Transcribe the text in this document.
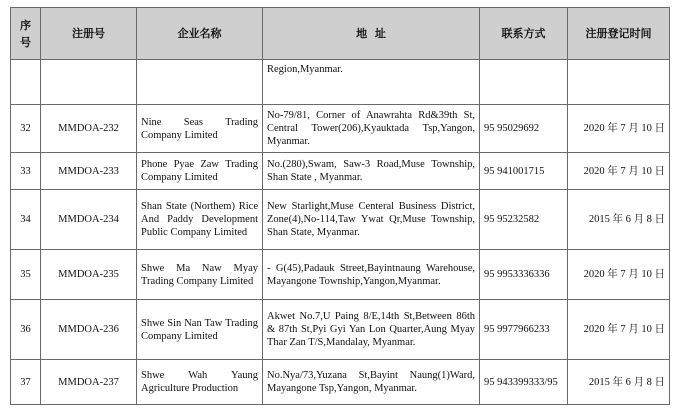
序
号	注册号	企业名称	地  址	联系方式	注册登记时间
			Region,Myanmar.		
32	MMDOA-232	Nine Seas Trading Company Limited	No-79/81, Corner of Anawrahta Rd&39th St, Central Tower(206),Kyauktada Tsp,Yangon, Myanmar.	95 95029692	2020 年 7 月 10 日
33	MMDOA-233	Phone Pyae Zaw Trading Company Limited	No.(280),Swam, Saw-3 Road,Muse Township, Shan State , Myanmar.	95 941001715	2020 年 7 月 10 日
34	MMDOA-234	Shan State (Northem) Rice And Paddy Development Public Company Limited	New Starlight,Muse Centeral Business District, Zone(4),No-114,Taw Ywat Qr,Muse Township, Shan State, Myanmar.	95 95232582	2015 年 6 月 8 日
35	MMDOA-235	Shwe Ma Naw Myay Trading Company Limited	- G(45),Padauk Street,Bayintnaung Warehouse, Mayangone Township,Yangon,Myanmar.	95 9953336336	2020 年 7 月 10 日
36	MMDOA-236	Shwe Sin Nan Taw Trading Company Limited	Akwet No.7,U Paing 8/E,14th St,Between 86th & 87th St,Pyi Gyi Yan Lon Quarter,Aung Myay Thar Zan T/S,Mandalay, Myanmar.	95 9977966233	2020 年 7 月 10 日
37	MMDOA-237	Shwe Wah Yaung Agriculture Production	No.Nya/73,Yuzana St,Bayint Naung(1)Ward, Mayangone Tsp,Yangon, Myanmar.	95 943399333/95	2015 年 6 月 8 日
